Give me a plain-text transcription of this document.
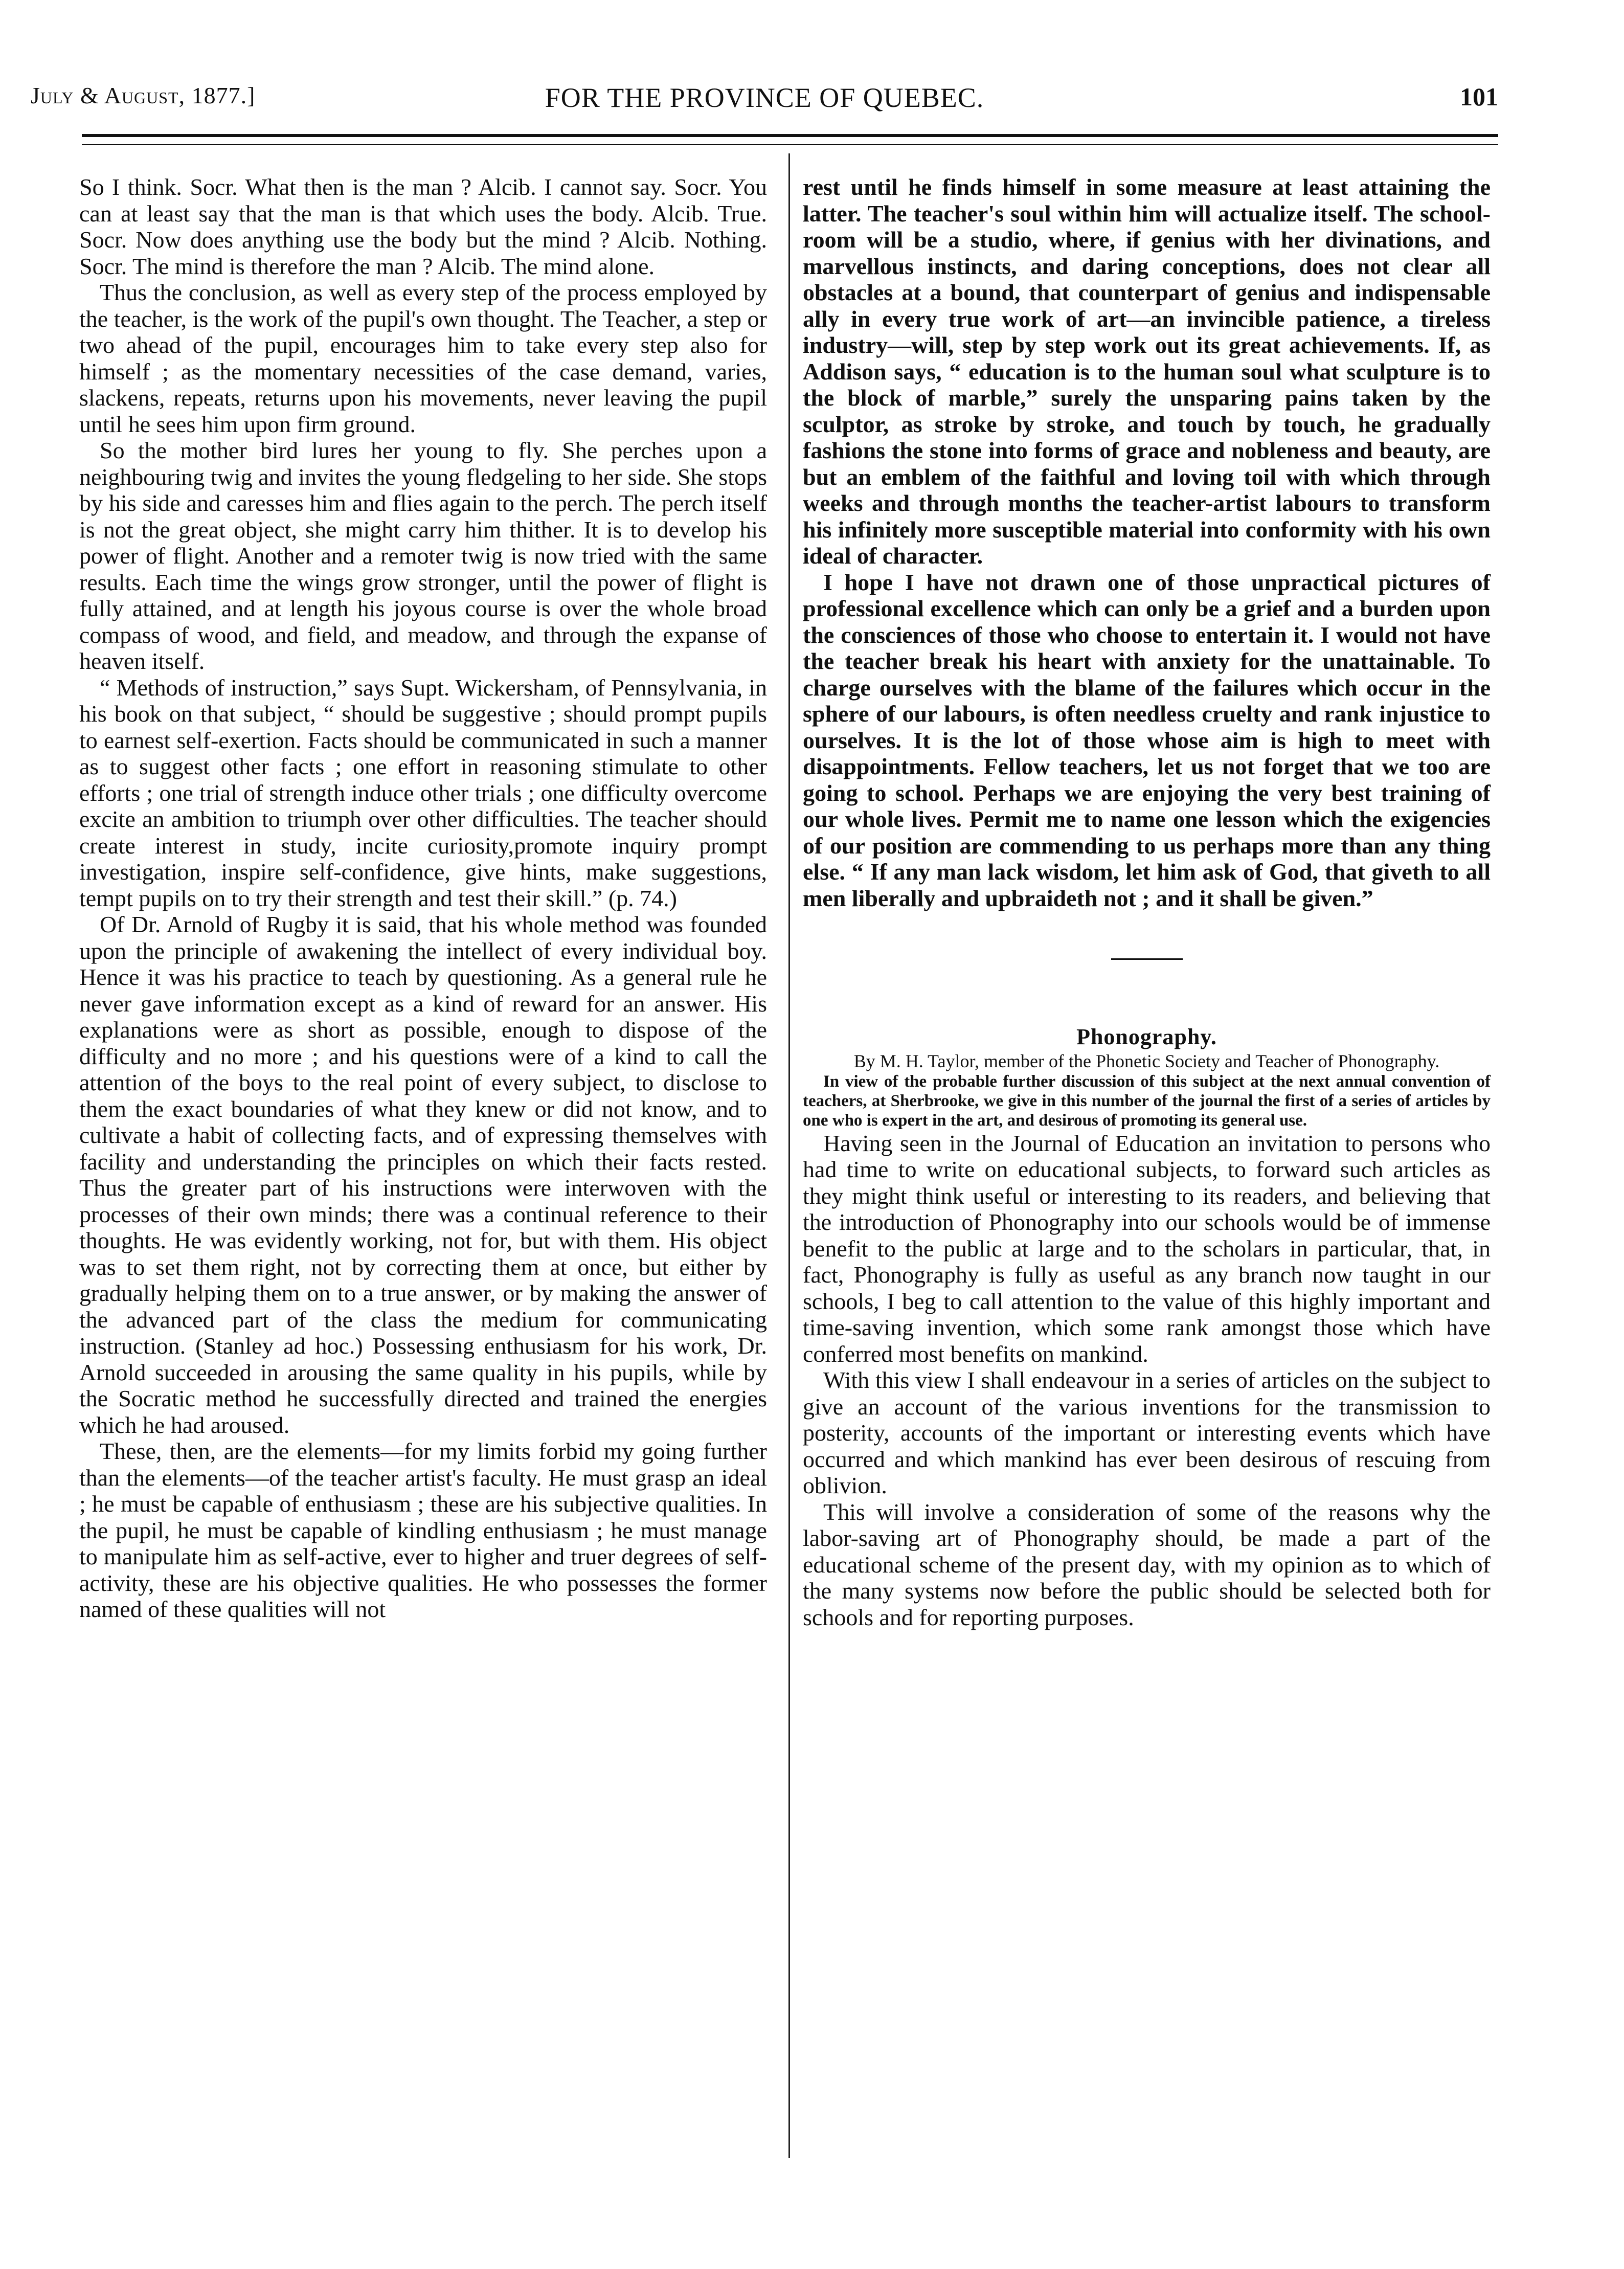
July & August, 1877.]	FOR THE PROVINCE OF QUEBEC.	101

So I think. Socr. What then is the man ? Alcib. I cannot say. Socr. You can at least say that the man is that which uses the body. Alcib. True. Socr. Now does anything use the body but the mind ? Alcib. Nothing. Socr. The mind is therefore the man ? Alcib. The mind alone.

Thus the conclusion, as well as every step of the process employed by the teacher, is the work of the pupil's own thought. The Teacher, a step or two ahead of the pupil, encourages him to take every step also for himself ; as the momentary necessities of the case demand, varies, slackens, repeats, returns upon his movements, never leaving the pupil until he sees him upon firm ground.

So the mother bird lures her young to fly. She perches upon a neighbouring twig and invites the young fledgeling to her side. She stops by his side and caresses him and flies again to the perch. The perch itself is not the great object, she might carry him thither. It is to develop his power of flight. Another and a remoter twig is now tried with the same results. Each time the wings grow stronger, until the power of flight is fully attained, and at length his joyous course is over the whole broad compass of wood, and field, and meadow, and through the expanse of heaven itself.

“ Methods of instruction,” says Supt. Wickersham, of Pennsylvania, in his book on that subject, “ should be suggestive ; should prompt pupils to earnest self-exertion. Facts should be communicated in such a manner as to suggest other facts ; one effort in reasoning stimulate to other efforts ; one trial of strength induce other trials ; one difficulty overcome excite an ambition to triumph over other difficulties. The teacher should create interest in study, incite curiosity,promote inquiry prompt investigation, inspire self-confidence, give hints, make suggestions, tempt pupils on to try their strength and test their skill.” (p. 74.)

Of Dr. Arnold of Rugby it is said, that his whole method was founded upon the principle of awakening the intellect of every individual boy. Hence it was his practice to teach by questioning. As a general rule he never gave information except as a kind of reward for an answer. His explanations were as short as possible, enough to dispose of the difficulty and no more ; and his questions were of a kind to call the attention of the boys to the real point of every subject, to disclose to them the exact boundaries of what they knew or did not know, and to cultivate a habit of collecting facts, and of expressing themselves with facility and understanding the principles on which their facts rested. Thus the greater part of his instructions were interwoven with the processes of their own minds; there was a continual reference to their thoughts. He was evidently working, not for, but with them. His object was to set them right, not by correcting them at once, but either by gradually helping them on to a true answer, or by making the answer of the advanced part of the class the medium for communicating instruction. (Stanley ad hoc.) Possessing enthusiasm for his work, Dr. Arnold succeeded in arousing the same quality in his pupils, while by the Socratic method he successfully directed and trained the energies which he had aroused.

These, then, are the elements—for my limits forbid my going further than the elements—of the teacher artist's faculty. He must grasp an ideal ; he must be capable of enthusiasm ; these are his subjective qualities. In the pupil, he must be capable of kindling enthusiasm ; he must manage to manipulate him as self-active, ever to higher and truer degrees of self-activity, these are his objective qualities. He who possesses the former named of these qualities will not

rest until he finds himself in some measure at least attaining the latter. The teacher's soul within him will actualize itself. The school-room will be a studio, where, if genius with her divinations, and marvellous instincts, and daring conceptions, does not clear all obstacles at a bound, that counterpart of genius and indispensable ally in every true work of art—an invincible patience, a tireless industry—will, step by step work out its great achievements. If, as Addison says, “ education is to the human soul what sculpture is to the block of marble,” surely the unsparing pains taken by the sculptor, as stroke by stroke, and touch by touch, he gradually fashions the stone into forms of grace and nobleness and beauty, are but an emblem of the faithful and loving toil with which through weeks and through months the teacher-artist labours to transform his infinitely more susceptible material into conformity with his own ideal of character.

I hope I have not drawn one of those unpractical pictures of professional excellence which can only be a grief and a burden upon the consciences of those who choose to entertain it. I would not have the teacher break his heart with anxiety for the unattainable. To charge ourselves with the blame of the failures which occur in the sphere of our labours, is often needless cruelty and rank injustice to ourselves. It is the lot of those whose aim is high to meet with disappointments. Fellow teachers, let us not forget that we too are going to school. Perhaps we are enjoying the very best training of our whole lives. Permit me to name one lesson which the exigencies of our position are commending to us perhaps more than any thing else. “ If any man lack wisdom, let him ask of God, that giveth to all men liberally and upbraideth not ; and it shall be given.”

Phonography.

By M. H. Taylor, member of the Phonetic Society and Teacher of Phonography.

In view of the probable further discussion of this subject at the next annual convention of teachers, at Sherbrooke, we give in this number of the journal the first of a series of articles by one who is expert in the art, and desirous of promoting its general use.

Having seen in the Journal of Education an invitation to persons who had time to write on educational subjects, to forward such articles as they might think useful or interesting to its readers, and believing that the introduction of Phonography into our schools would be of immense benefit to the public at large and to the scholars in particular, that, in fact, Phonography is fully as useful as any branch now taught in our schools, I beg to call attention to the value of this highly important and time-saving invention, which some rank amongst those which have conferred most benefits on mankind.

With this view I shall endeavour in a series of articles on the subject to give an account of the various inventions for the transmission to posterity, accounts of the important or interesting events which have occurred and which mankind has ever been desirous of rescuing from oblivion.

This will involve a consideration of some of the reasons why the labor-saving art of Phonography should, be made a part of the educational scheme of the present day, with my opinion as to which of the many systems now before the public should be selected both for schools and for reporting purposes.
